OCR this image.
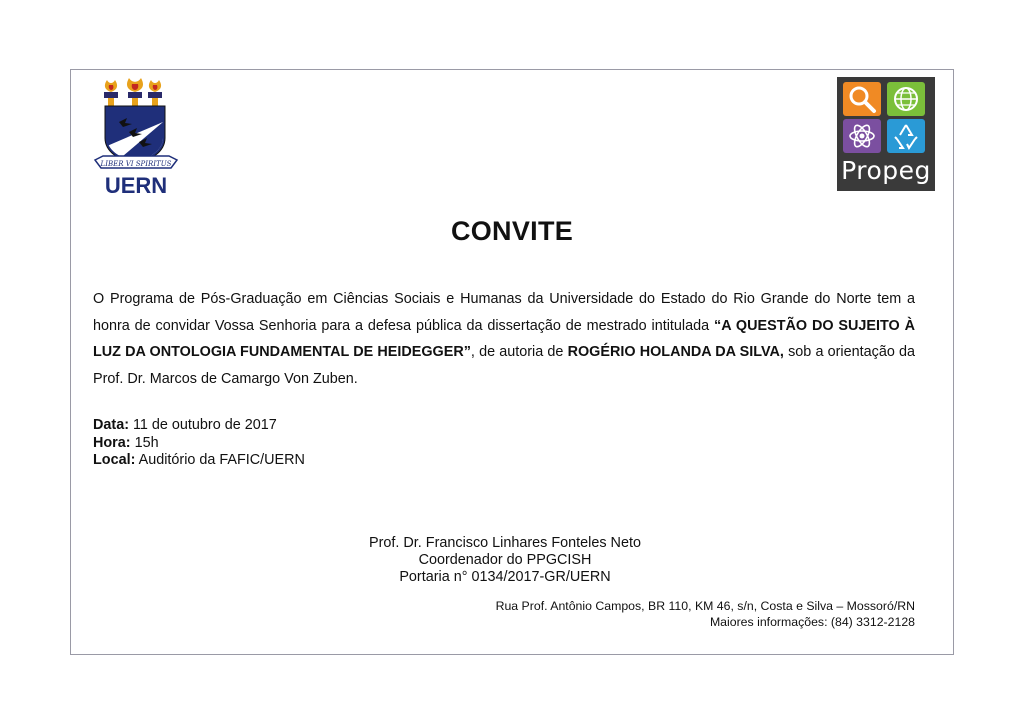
LIBER VI SPIRITUS
UERN
Propeg
CONVITE
O Programa de Pós-Graduação em Ciências Sociais e Humanas da Universidade do Estado do Rio Grande do Norte tem a honra de convidar Vossa Senhoria para a defesa pública da dissertação de mestrado intitulada “A QUESTÃO DO SUJEITO À LUZ DA ONTOLOGIA FUNDAMENTAL DE HEIDEGGER”, de autoria de ROGÉRIO HOLANDA DA SILVA, sob a orientação da Prof. Dr. Marcos de Camargo Von Zuben.
Data: 11 de outubro de 2017
Hora: 15h
Local: Auditório da FAFIC/UERN
Prof. Dr. Francisco Linhares Fonteles Neto
Coordenador do PPGCISH
Portaria n° 0134/2017-GR/UERN
Rua Prof. Antônio Campos, BR 110, KM 46, s/n, Costa e Silva – Mossoró/RN
Maiores informações: (84) 3312-2128
